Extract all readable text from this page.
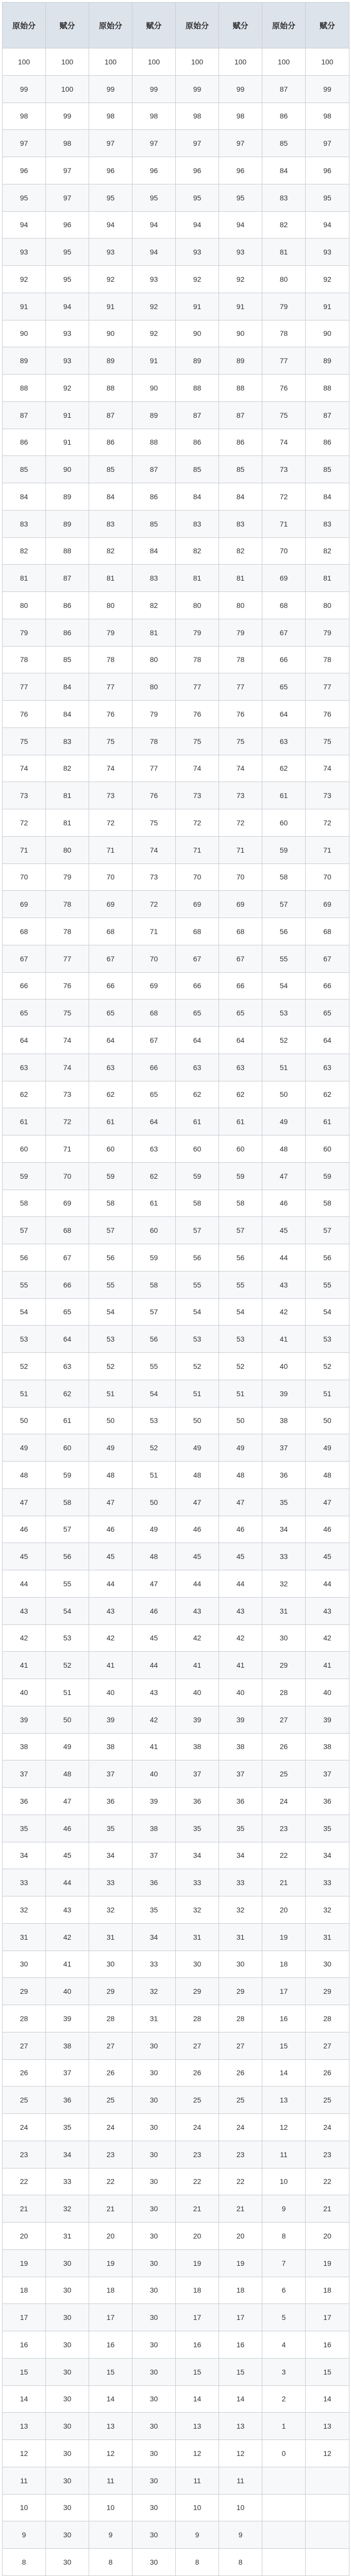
原始分	赋分	原始分	赋分	原始分	赋分	原始分	赋分
100	100	100	100	100	100	100	100
99	100	99	99	99	99	87	99
98	99	98	98	98	98	86	98
97	98	97	97	97	97	85	97
96	97	96	96	96	96	84	96
95	97	95	95	95	95	83	95
94	96	94	94	94	94	82	94
93	95	93	94	93	93	81	93
92	95	92	93	92	92	80	92
91	94	91	92	91	91	79	91
90	93	90	92	90	90	78	90
89	93	89	91	89	89	77	89
88	92	88	90	88	88	76	88
87	91	87	89	87	87	75	87
86	91	86	88	86	86	74	86
85	90	85	87	85	85	73	85
84	89	84	86	84	84	72	84
83	89	83	85	83	83	71	83
82	88	82	84	82	82	70	82
81	87	81	83	81	81	69	81
80	86	80	82	80	80	68	80
79	86	79	81	79	79	67	79
78	85	78	80	78	78	66	78
77	84	77	80	77	77	65	77
76	84	76	79	76	76	64	76
75	83	75	78	75	75	63	75
74	82	74	77	74	74	62	74
73	81	73	76	73	73	61	73
72	81	72	75	72	72	60	72
71	80	71	74	71	71	59	71
70	79	70	73	70	70	58	70
69	78	69	72	69	69	57	69
68	78	68	71	68	68	56	68
67	77	67	70	67	67	55	67
66	76	66	69	66	66	54	66
65	75	65	68	65	65	53	65
64	74	64	67	64	64	52	64
63	74	63	66	63	63	51	63
62	73	62	65	62	62	50	62
61	72	61	64	61	61	49	61
60	71	60	63	60	60	48	60
59	70	59	62	59	59	47	59
58	69	58	61	58	58	46	58
57	68	57	60	57	57	45	57
56	67	56	59	56	56	44	56
55	66	55	58	55	55	43	55
54	65	54	57	54	54	42	54
53	64	53	56	53	53	41	53
52	63	52	55	52	52	40	52
51	62	51	54	51	51	39	51
50	61	50	53	50	50	38	50
49	60	49	52	49	49	37	49
48	59	48	51	48	48	36	48
47	58	47	50	47	47	35	47
46	57	46	49	46	46	34	46
45	56	45	48	45	45	33	45
44	55	44	47	44	44	32	44
43	54	43	46	43	43	31	43
42	53	42	45	42	42	30	42
41	52	41	44	41	41	29	41
40	51	40	43	40	40	28	40
39	50	39	42	39	39	27	39
38	49	38	41	38	38	26	38
37	48	37	40	37	37	25	37
36	47	36	39	36	36	24	36
35	46	35	38	35	35	23	35
34	45	34	37	34	34	22	34
33	44	33	36	33	33	21	33
32	43	32	35	32	32	20	32
31	42	31	34	31	31	19	31
30	41	30	33	30	30	18	30
29	40	29	32	29	29	17	29
28	39	28	31	28	28	16	28
27	38	27	30	27	27	15	27
26	37	26	30	26	26	14	26
25	36	25	30	25	25	13	25
24	35	24	30	24	24	12	24
23	34	23	30	23	23	11	23
22	33	22	30	22	22	10	22
21	32	21	30	21	21	9	21
20	31	20	30	20	20	8	20
19	30	19	30	19	19	7	19
18	30	18	30	18	18	6	18
17	30	17	30	17	17	5	17
16	30	16	30	16	16	4	16
15	30	15	30	15	15	3	15
14	30	14	30	14	14	2	14
13	30	13	30	13	13	1	13
12	30	12	30	12	12	0	12
11	30	11	30	11	11		
10	30	10	30	10	10		
9	30	9	30	9	9		
8	30	8	30	8	8		
